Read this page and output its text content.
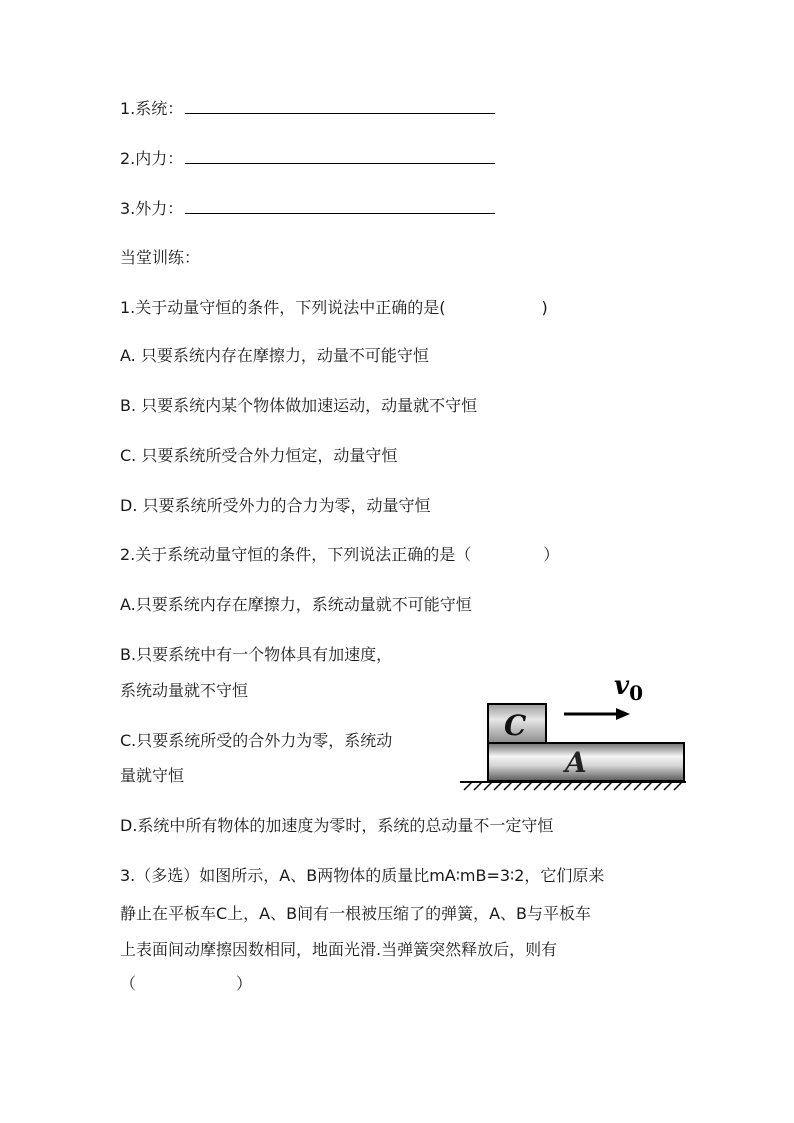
1.系统：
2.内力：
3.外力：
当堂训练：
1.关于动量守恒的条件，下列说法中正确的是(	)
A. 只要系统内存在摩擦力，动量不可能守恒
B. 只要系统内某个物体做加速运动，动量就不守恒
C. 只要系统所受合外力恒定，动量守恒
D. 只要系统所受外力的合力为零，动量守恒
2.关于系统动量守恒的条件，下列说法正确的是（	）
A.只要系统内存在摩擦力，系统动量就不可能守恒
B.只要系统中有一个物体具有加速度，
系统动量就不守恒
C.只要系统所受的合外力为零，系统动
量就守恒
D.系统中所有物体的加速度为零时，系统的总动量不一定守恒
A
C
$v_0$
3.（多选）如图所示，A、B两物体的质量比mA∶mB=3∶2，它们原来
静止在平板车C上，A、B间有一根被压缩了的弹簧，A、B与平板车
上表面间动摩擦因数相同，地面光滑.当弹簧突然释放后，则有
（	）
